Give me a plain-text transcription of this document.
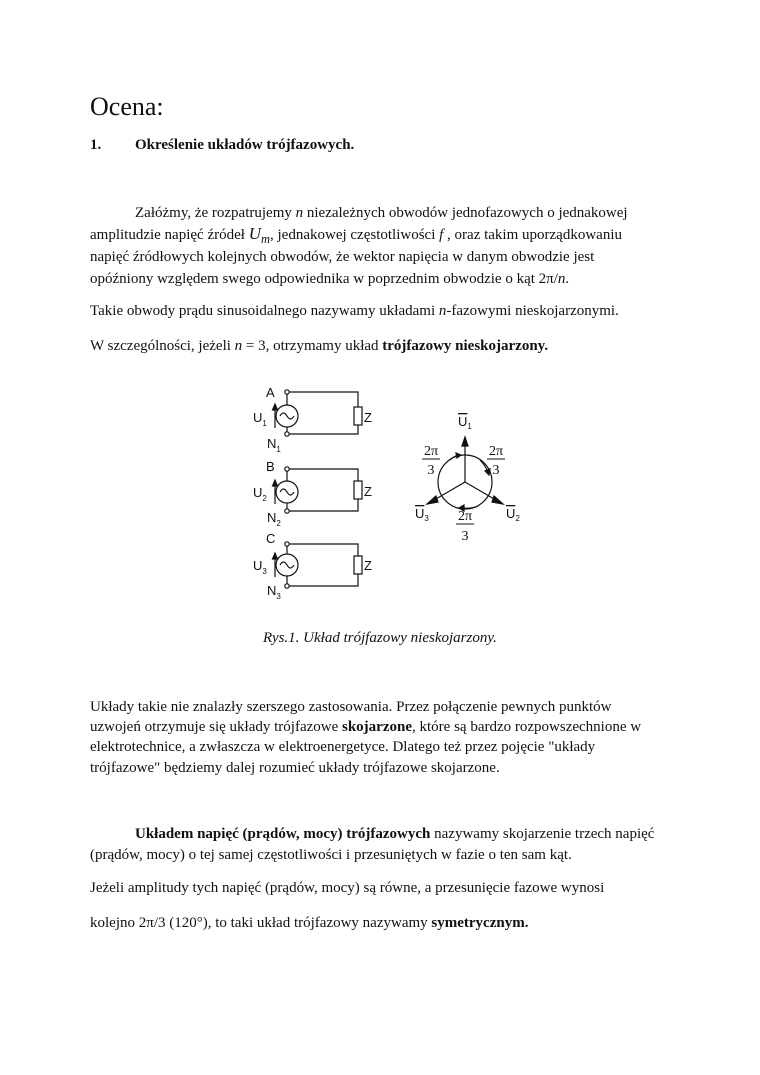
Ocena:
1. Określenie układów trójfazowych.
Załóżmy, że rozpatrujemy n niezależnych obwodów jednofazowych o jednakowej
amplitudzie napięć źródeł $U_m$, jednakowej częstotliwości f , oraz takim uporządkowaniu
napięć źródłowych kolejnych obwodów, że wektor napięcia w danym obwodzie jest
opóźniony względem swego odpowiednika w poprzednim obwodzie o kąt 2π/n.
Takie obwody prądu sinusoidalnego nazywamy układami n-fazowymi nieskojarzonymi.
W szczególności, jeżeli n = 3, otrzymamy układ trójfazowy nieskojarzony.
A
$U_1$
$N_1$
Z
B
$U_2$
$N_2$
Z
C
$U_3$
$N_3$
Z
$U_1$
$U_2$
$U_3$
2π
3
2π
3
2π
3
Rys.1. Układ trójfazowy nieskojarzony.
Układy takie nie znalazły szerszego zastosowania. Przez połączenie pewnych punktów
uzwojeń otrzymuje się układy trójfazowe skojarzone, które są bardzo rozpowszechnione w
elektrotechnice, a zwłaszcza w elektroenergetyce. Dlatego też przez pojęcie "układy
trójfazowe" będziemy dalej rozumieć układy trójfazowe skojarzone.
Układem napięć (prądów, mocy) trójfazowych nazywamy skojarzenie trzech napięć
(prądów, mocy) o tej samej częstotliwości i przesuniętych w fazie o ten sam kąt.
Jeżeli amplitudy tych napięć (prądów, mocy) są równe, a przesunięcie fazowe wynosi
kolejno 2π/3 (120°), to taki układ trójfazowy nazywamy symetrycznym.
